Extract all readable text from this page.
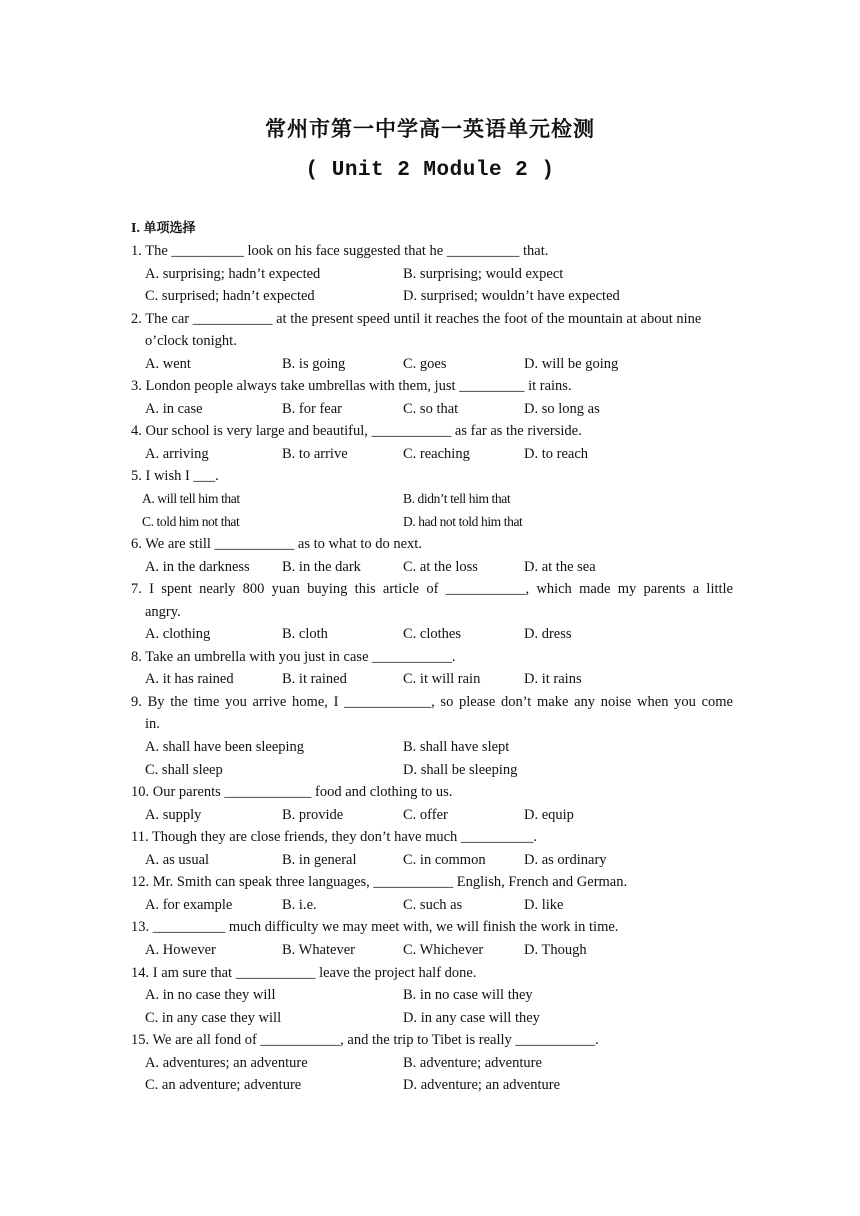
常州市第一中学高一英语单元检测
( Unit 2 Module 2 )
I. 单项选择
1. The __________ look on his face suggested that he __________ that.
A. surprising; hadn’t expected	B. surprising; would expect
C. surprised; hadn’t expected	D. surprised; wouldn’t have expected
2. The car ___________ at the present speed until it reaches the foot of the mountain at about nine
o’clock tonight.
A. went	B. is going	C. goes	D. will be going
3. London people always take umbrellas with them, just _________ it rains.
A. in case	B. for fear	C. so that	D. so long as
4. Our school is very large and beautiful, ___________ as far as the riverside.
A. arriving	B. to arrive	C. reaching	D. to reach
5. I wish I ___.
A. will tell him that	B. didn’t tell him that
C. told him not that	D. had not told him that
6. We are still ___________ as to what to do next.
A. in the darkness B. in the dark	C. at the loss	D. at the sea
7. I spent nearly 800 yuan buying this article of ___________, which made my parents a little
angry.
A. clothing	B. cloth	C. clothes	D. dress
8. Take an umbrella with you just in case ___________.
A. it has rained	B. it rained	C. it will rain	D. it rains
9. By the time you arrive home, I ____________, so please don’t make any noise when you come
in.
A. shall have been sleeping	B. shall have slept
C. shall sleep	D. shall be sleeping
10. Our parents ____________ food and clothing to us.
A. supply	B. provide	C. offer	D. equip
11. Though they are close friends, they don’t have much __________.
A. as usual	B. in general	C. in common	D. as ordinary
12. Mr. Smith can speak three languages, ___________ English, French and German.
A. for example	B. i.e.	C. such as	D. like
13. __________ much difficulty we may meet with, we will finish the work in time.
A. However	B. Whatever	C. Whichever	D. Though
14. I am sure that ___________ leave the project half done.
A. in no case they will	B. in no case will they
C. in any case they will	D. in any case will they
15. We are all fond of ___________, and the trip to Tibet is really ___________.
A. adventures; an adventure	B. adventure; adventure
C. an adventure; adventure	D. adventure; an adventure
